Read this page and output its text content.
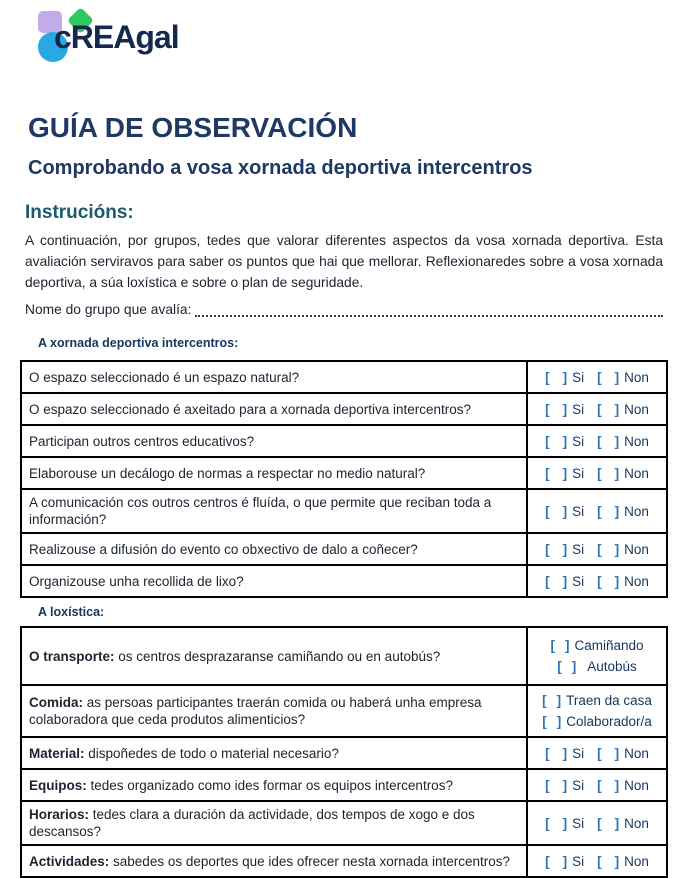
cREAgal
GUÍA DE OBSERVACIÓN
Comprobando a vosa xornada deportiva intercentros
Instrucións:
A continuación, por grupos, tedes que valorar diferentes aspectos da vosa xornada deportiva. Esta avaliación serviravos para saber os puntos que hai que mellorar. Reflexionaredes sobre a vosa xornada deportiva, a súa loxística e sobre o plan de seguridade.
Nome do grupo que avalía:
A xornada deportiva intercentros:
O espazo seleccionado é un espazo natural?	[ ] Si [ ] Non
O espazo seleccionado é axeitado para a xornada deportiva intercentros?	[ ] Si [ ] Non
Participan outros centros educativos?	[ ] Si [ ] Non
Elaborouse un decálogo de normas a respectar no medio natural?	[ ] Si [ ] Non
A comunicación cos outros centros é fluída, o que permite que reciban toda a información?	[ ] Si [ ] Non
Realizouse a difusión do evento co obxectivo de dalo a coñecer?	[ ] Si [ ] Non
Organizouse unha recollida de lixo?	[ ] Si [ ] Non
A loxística:
O transporte: os centros desprazaranse camiñando ou en autobús?	[ ] Camiñando
[ ] Autobús

Comida: as persoas participantes traerán comida ou haberá unha empresa colaboradora que ceda produtos alimenticios?	[ ] Traen da casa
[ ] Colaborador/a

Material: dispoñedes de todo o material necesario?	[ ] Si [ ] Non
Equipos: tedes organizado como ides formar os equipos intercentros?	[ ] Si [ ] Non
Horarios: tedes clara a duración da actividade, dos tempos de xogo e dos descansos?	[ ] Si [ ] Non
Actividades: sabedes os deportes que ides ofrecer nesta xornada intercentros?	[ ] Si [ ] Non
